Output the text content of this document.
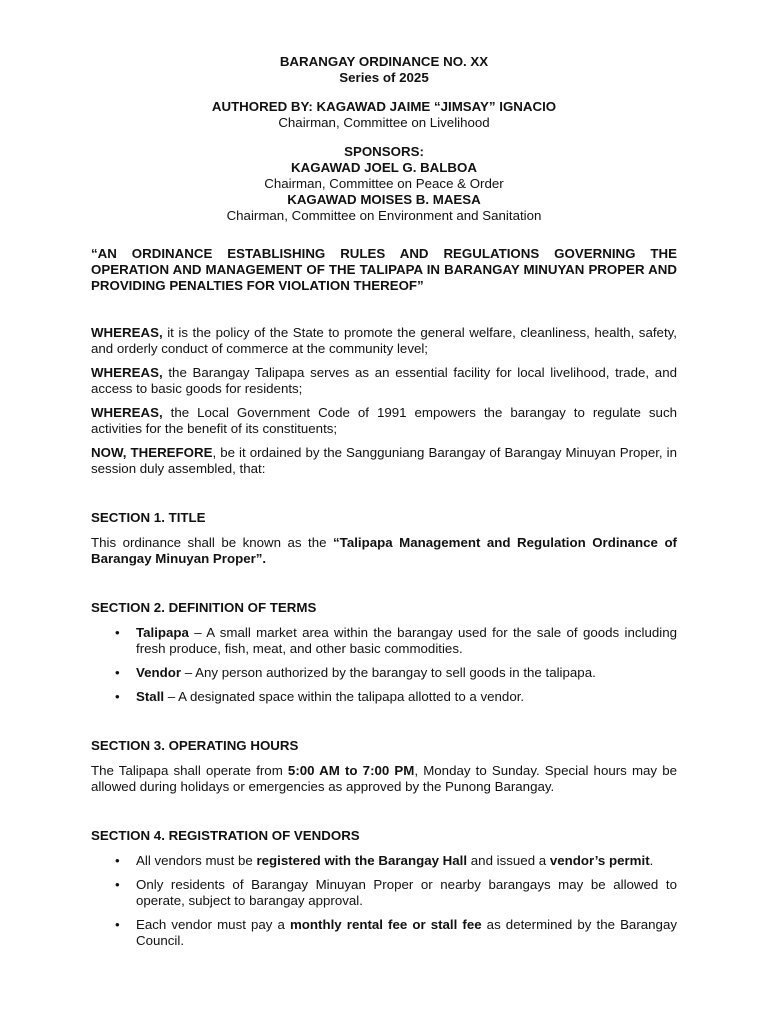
BARANGAY ORDINANCE NO. XX
Series of 2025
AUTHORED BY: KAGAWAD JAIME “JIMSAY” IGNACIO
Chairman, Committee on Livelihood
SPONSORS:
KAGAWAD JOEL G. BALBOA
Chairman, Committee on Peace & Order
KAGAWAD MOISES B. MAESA
Chairman, Committee on Environment and Sanitation
“AN ORDINANCE ESTABLISHING RULES AND REGULATIONS GOVERNING THE OPERATION AND MANAGEMENT OF THE TALIPAPA IN BARANGAY MINUYAN PROPER AND PROVIDING PENALTIES FOR VIOLATION THEREOF”

WHEREAS, it is the policy of the State to promote the general welfare, cleanliness, health, safety, and orderly conduct of commerce at the community level;

WHEREAS, the Barangay Talipapa serves as an essential facility for local livelihood, trade, and access to basic goods for residents;

WHEREAS, the Local Government Code of 1991 empowers the barangay to regulate such activities for the benefit of its constituents;

NOW, THEREFORE, be it ordained by the Sangguniang Barangay of Barangay Minuyan Proper, in session duly assembled, that:

SECTION 1. TITLE

This ordinance shall be known as the “Talipapa Management and Regulation Ordinance of Barangay Minuyan Proper”.

SECTION 2. DEFINITION OF TERMS
• Talipapa – A small market area within the barangay used for the sale of goods including fresh produce, fish, meat, and other basic commodities.
• Vendor – Any person authorized by the barangay to sell goods in the talipapa.
• Stall – A designated space within the talipapa allotted to a vendor.
SECTION 3. OPERATING HOURS

The Talipapa shall operate from 5:00 AM to 7:00 PM, Monday to Sunday. Special hours may be allowed during holidays or emergencies as approved by the Punong Barangay.

SECTION 4. REGISTRATION OF VENDORS
• All vendors must be registered with the Barangay Hall and issued a vendor’s permit.
• Only residents of Barangay Minuyan Proper or nearby barangays may be allowed to operate, subject to barangay approval.
• Each vendor must pay a monthly rental fee or stall fee as determined by the Barangay Council.
